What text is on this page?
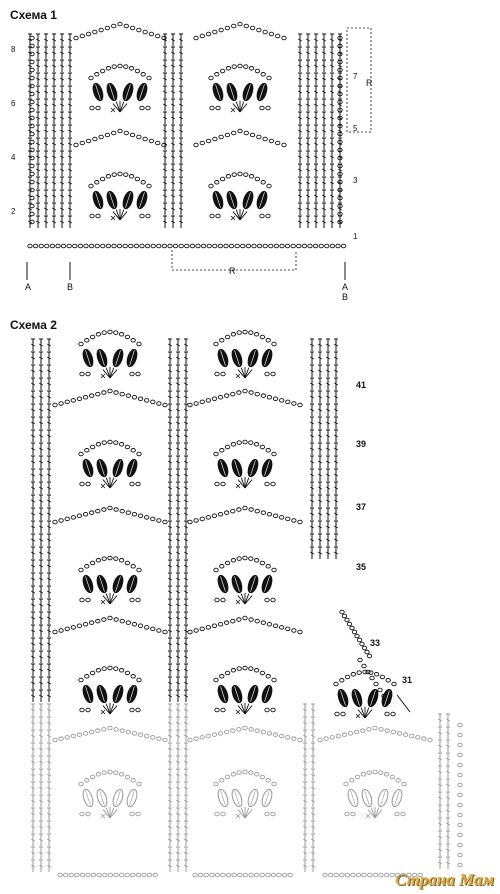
Схема 1
8
6
4
2
7
5
3
1
R
R
A	B	A
B
Схема 2
41
39
37
35
33
31
Страна Мам
